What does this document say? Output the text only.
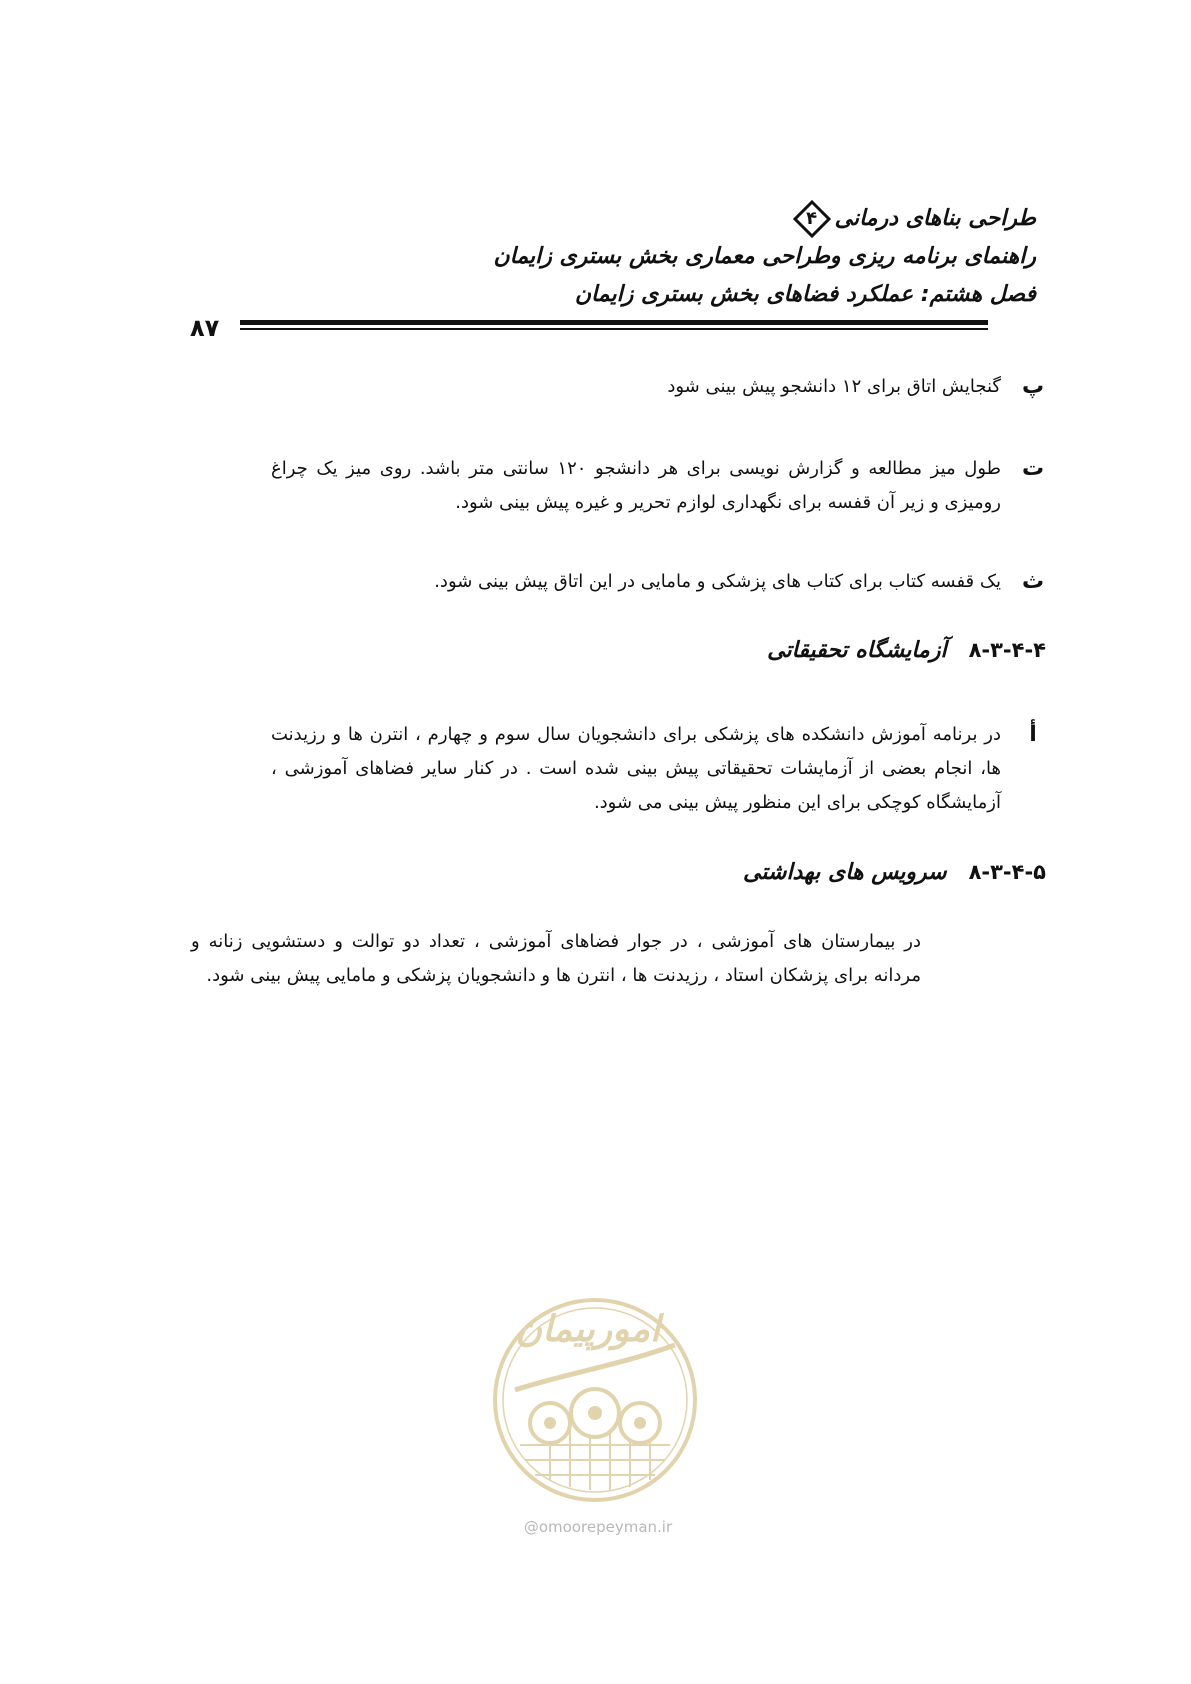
طراحی بناهای درمانی
۴
راهنمای برنامه ریزی وطراحی معماری بخش بستری زایمان
فصل هشتم: عملکرد فضاهای بخش بستری زایمان
۸۷
پ
گنجایش اتاق برای ۱۲ دانشجو پیش بینی شود
ت
طول میز مطالعه و گزارش نویسی برای هر دانشجو ۱۲۰ سانتی متر باشد. روی میز یک چراغ رومیزی و زیر آن قفسه برای نگهداری لوازم تحریر و غیره پیش بینی شود.
ث
یک قفسه کتاب برای کتاب های پزشکی و مامایی در این اتاق پیش بینی شود.
۸-۳-۴-۴
آزمایشگاه تحقیقاتی
أ
در برنامه آموزش دانشکده های پزشکی برای دانشجویان سال سوم و چهارم ، انترن ها و رزیدنت ها، انجام بعضی از آزمایشات تحقیقاتی پیش بینی شده است . در کنار سایر فضاهای آموزشی ، آزمایشگاه کوچکی برای این منظور پیش بینی می شود.
۸-۳-۴-۵
سرویس های بهداشتی
در بیمارستان های آموزشی ، در جوار فضاهای آموزشی ، تعداد دو توالت و دستشویی زنانه و مردانه برای پزشکان استاد ، رزیدنت ها ، انترن ها و دانشجویان پزشکی و مامایی پیش بینی شود.
امورپیمان
@omoorepeyman.ir
